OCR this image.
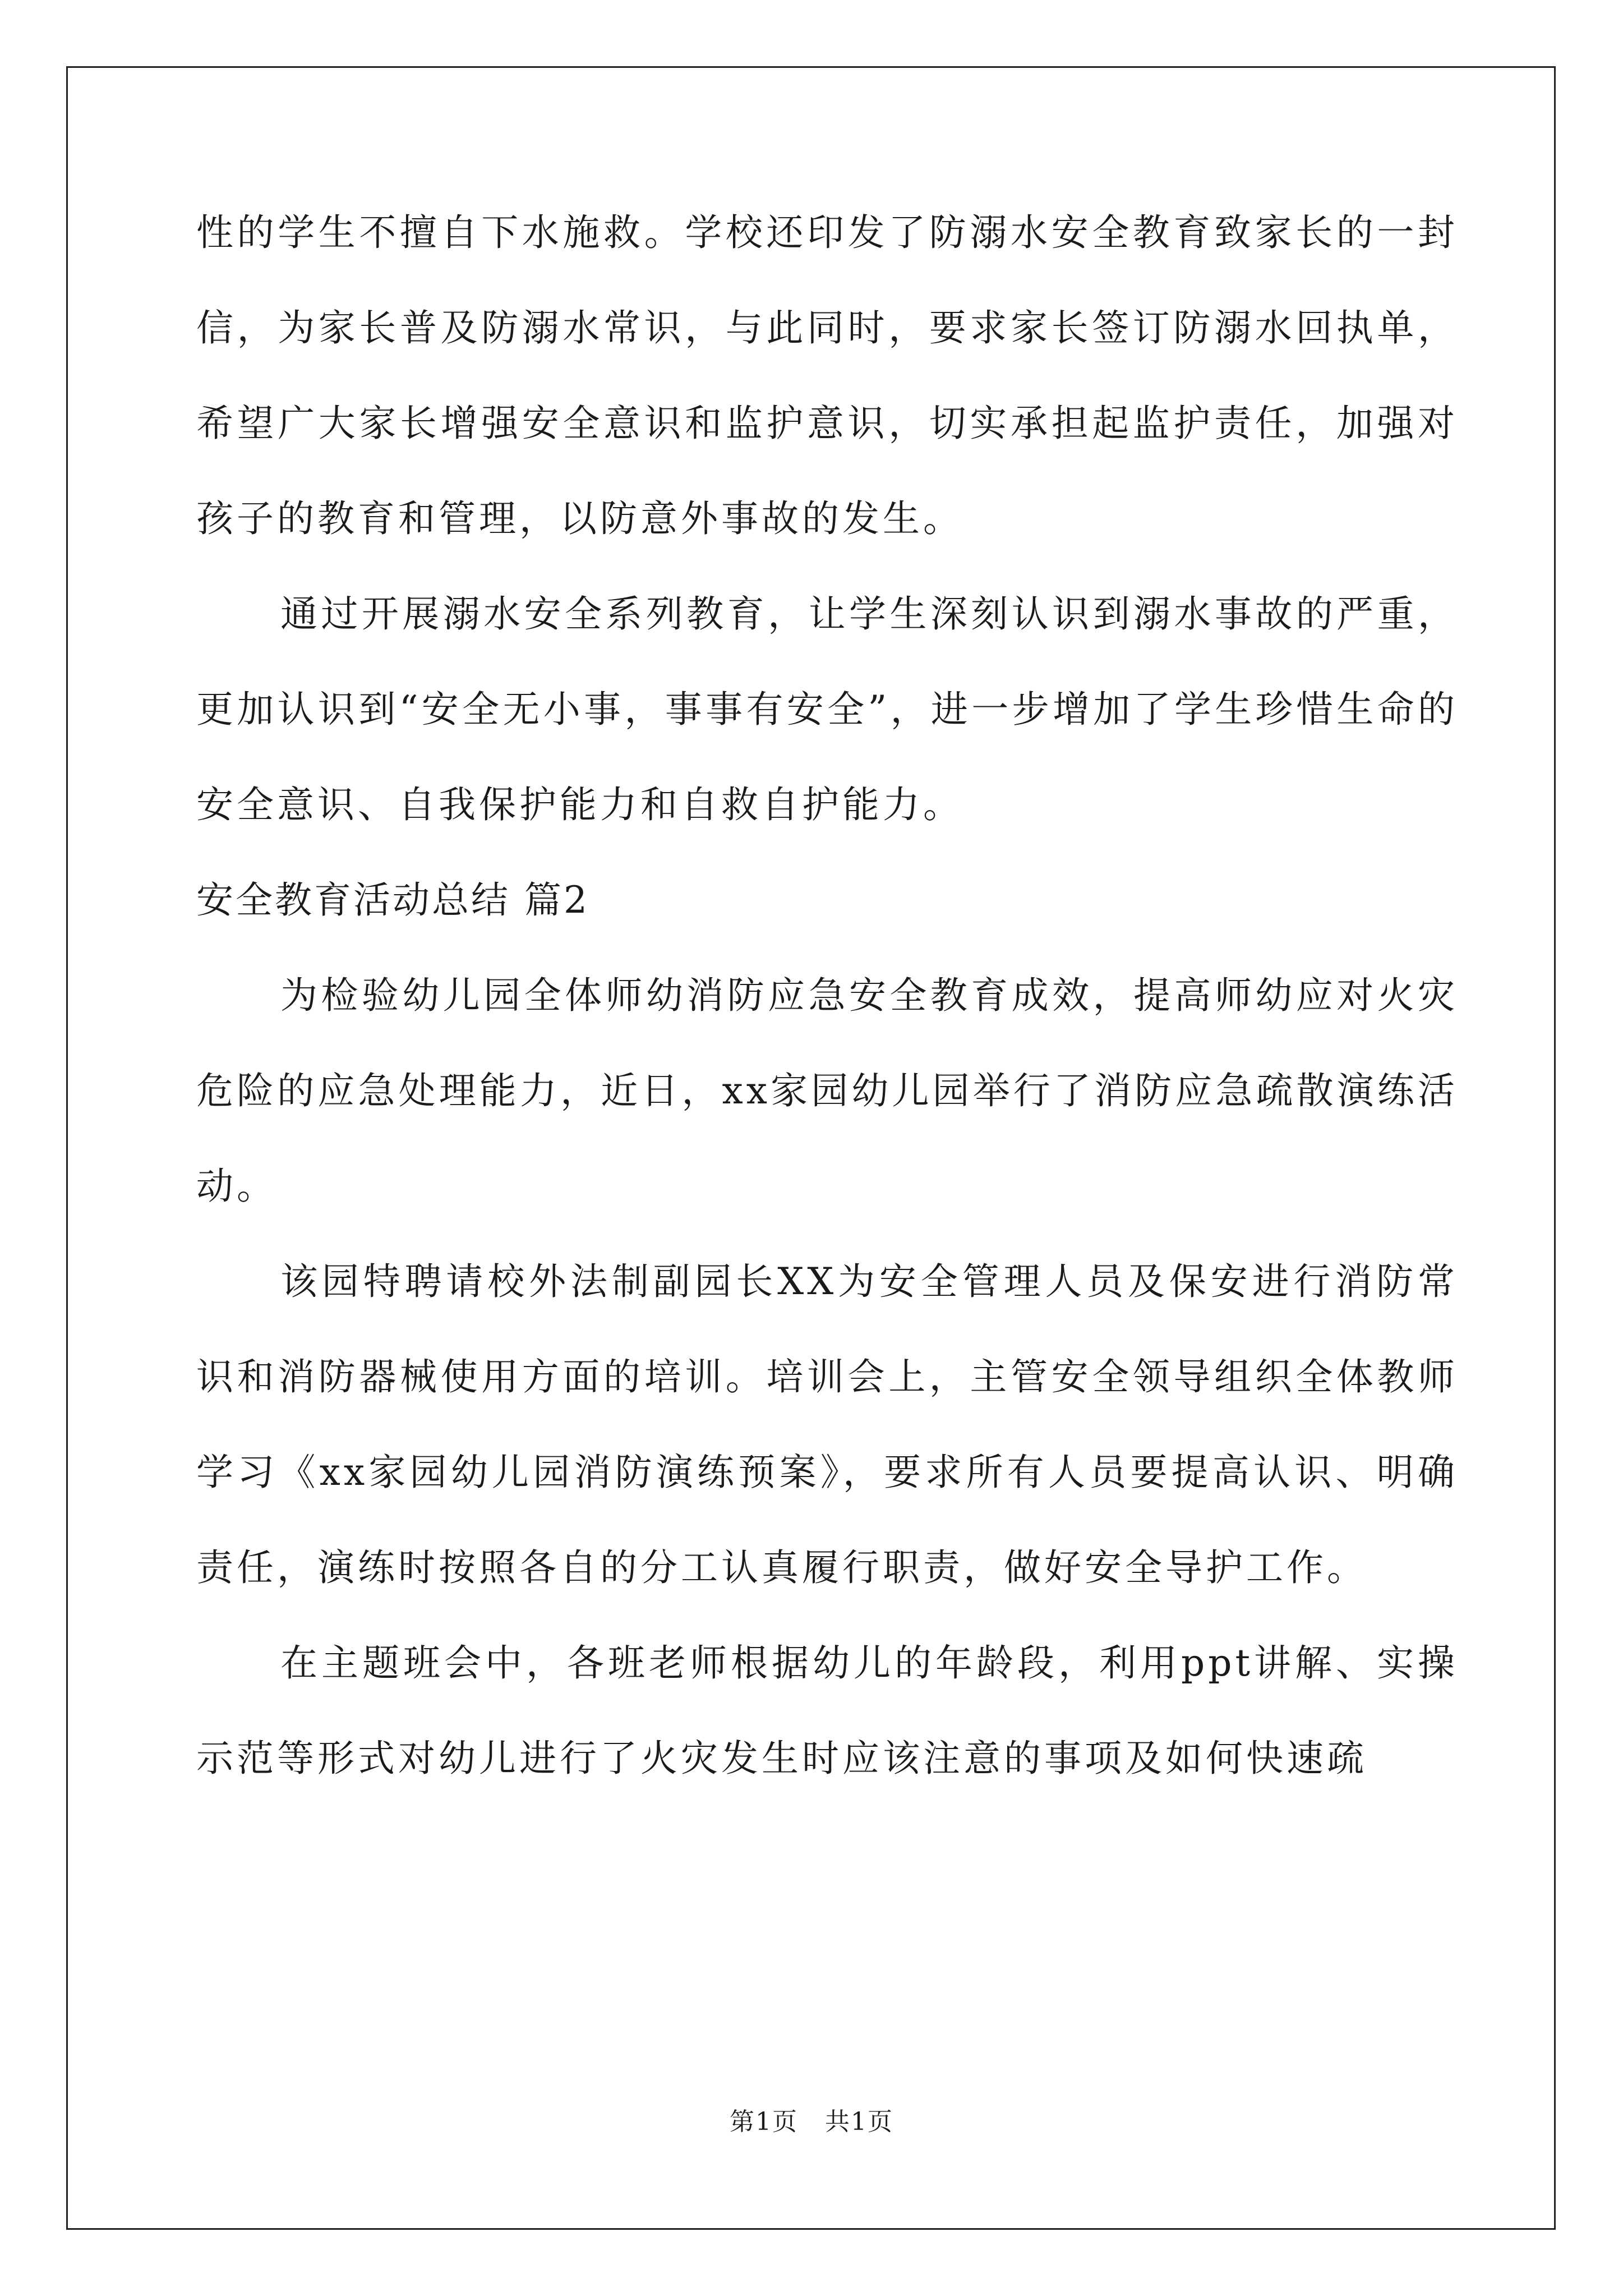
性的学生不擅自下水施救。学校还印发了防溺水安全教育致家长的一封信，为家长普及防溺水常识，与此同时，要求家长签订防溺水回执单，希望广大家长增强安全意识和监护意识，切实承担起监护责任，加强对孩子的教育和管理，以防意外事故的发生。

通过开展溺水安全系列教育，让学生深刻认识到溺水事故的严重，更加认识到“安全无小事，事事有安全”，进一步增加了学生珍惜生命的安全意识、自我保护能力和自救自护能力。

安全教育活动总结 篇2

为检验幼儿园全体师幼消防应急安全教育成效，提高师幼应对火灾危险的应急处理能力，近日，xx家园幼儿园举行了消防应急疏散演练活动。

该园特聘请校外法制副园长XX为安全管理人员及保安进行消防常识和消防器械使用方面的培训。培训会上，主管安全领导组织全体教师学习《xx家园幼儿园消防演练预案》，要求所有人员要提高认识、明确责任，演练时按照各自的分工认真履行职责，做好安全导护工作。

在主题班会中，各班老师根据幼儿的年龄段，利用ppt讲解、实操示范等形式对幼儿进行了火灾发生时应该注意的事项及如何快速疏

第1页 共1页
